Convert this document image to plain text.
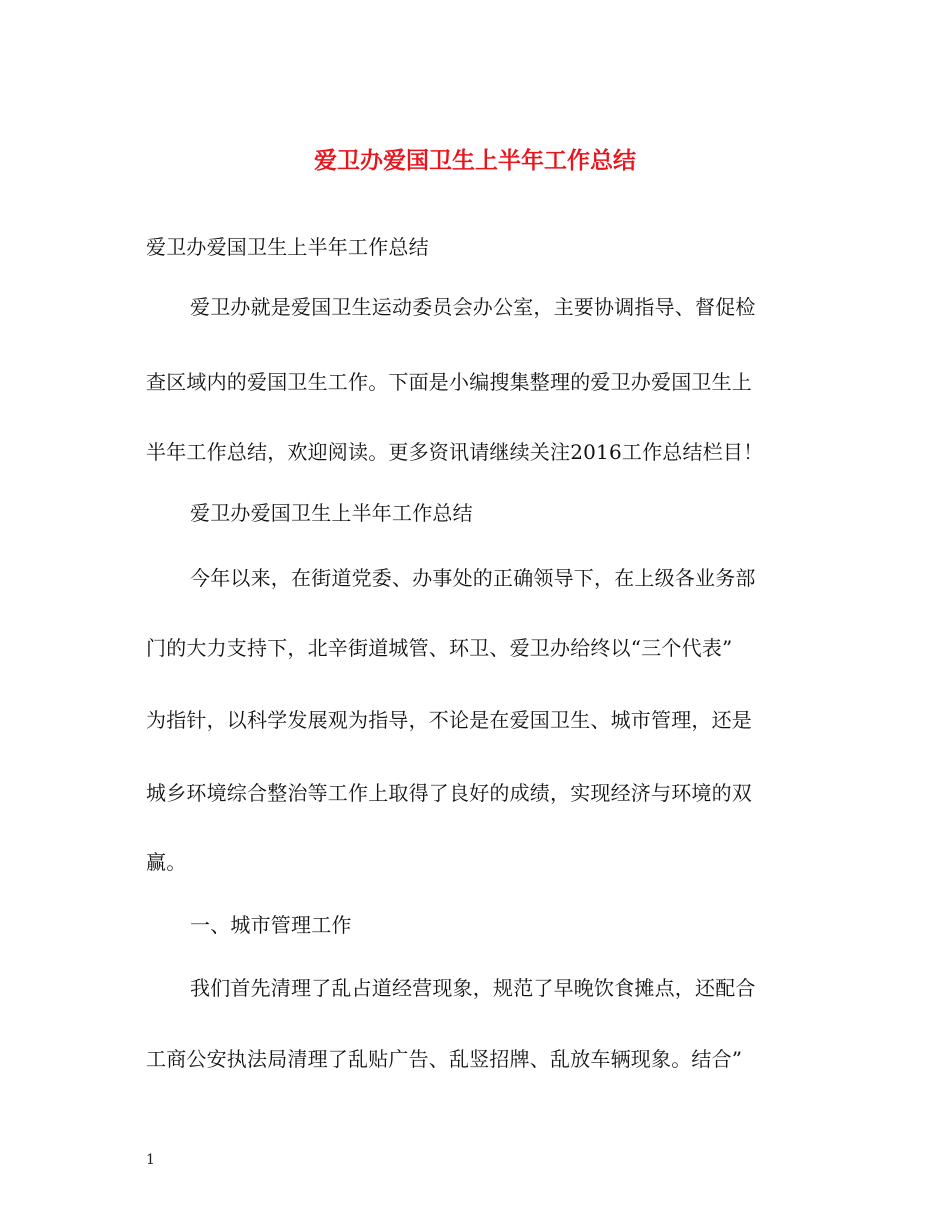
爱卫办爱国卫生上半年工作总结
爱卫办爱国卫生上半年工作总结
爱卫办就是爱国卫生运动委员会办公室，主要协调指导、督促检
查区域内的爱国卫生工作。下面是小编搜集整理的爱卫办爱国卫生上
半年工作总结，欢迎阅读。更多资讯请继续关注2016工作总结栏目！
爱卫办爱国卫生上半年工作总结
今年以来，在街道党委、办事处的正确领导下，在上级各业务部
门的大力支持下，北辛街道城管、环卫、爱卫办给终以“三个代表”
为指针，以科学发展观为指导，不论是在爱国卫生、城市管理，还是
城乡环境综合整治等工作上取得了良好的成绩，实现经济与环境的双
赢。
一、城市管理工作
我们首先清理了乱占道经营现象，规范了早晚饮食摊点，还配合
工商公安执法局清理了乱贴广告、乱竖招牌、乱放车辆现象。结合”
1
